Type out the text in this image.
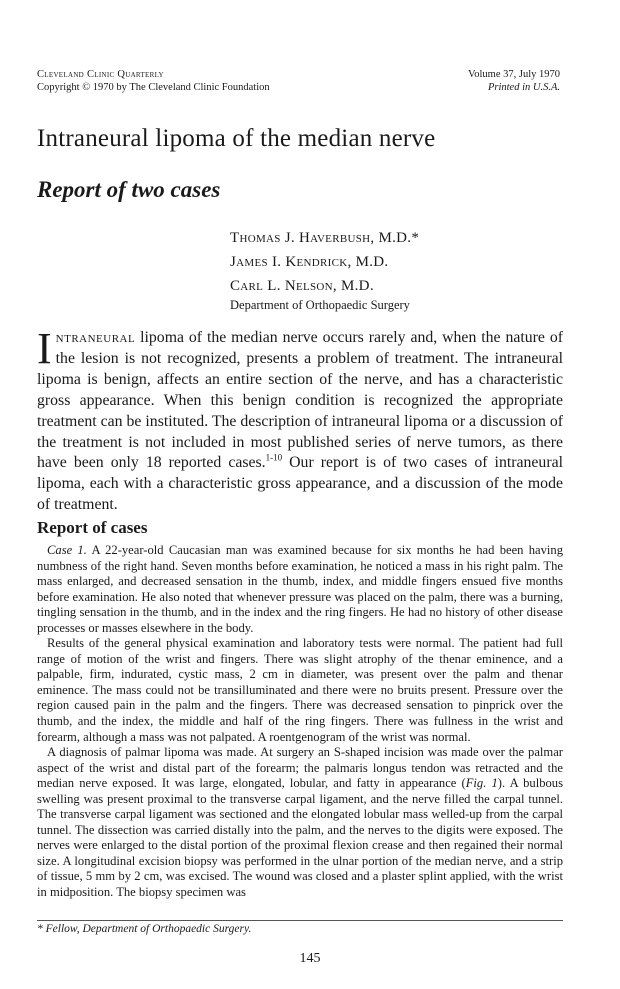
Cleveland Clinic Quarterly
Copyright © 1970 by The Cleveland Clinic Foundation
Volume 37, July 1970
Printed in U.S.A.
Intraneural lipoma of the median nerve
Report of two cases
Thomas J. Haverbush, M.D.*
James I. Kendrick, M.D.
Carl L. Nelson, M.D.
Department of Orthopaedic Surgery

Intraneural lipoma of the median nerve occurs rarely and, when the nature of the lesion is not recognized, presents a problem of treatment. The intraneural lipoma is benign, affects an entire section of the nerve, and has a characteristic gross appearance. When this benign condition is recognized the appropriate treatment can be instituted. The description of intraneural lipoma or a discussion of the treatment is not included in most published series of nerve tumors, as there have been only 18 reported cases.$^{1-10}$ Our report is of two cases of intraneural lipoma, each with a characteristic gross appearance, and a discussion of the mode of treatment.

Report of cases

Case 1. A 22-year-old Caucasian man was examined because for six months he had been having numbness of the right hand. Seven months before examination, he noticed a mass in his right palm. The mass enlarged, and decreased sensation in the thumb, index, and middle fingers ensued five months before examination. He also noted that whenever pressure was placed on the palm, there was a burning, tingling sensation in the thumb, and in the index and the ring fingers. He had no history of other disease processes or masses elsewhere in the body.

Results of the general physical examination and laboratory tests were normal. The patient had full range of motion of the wrist and fingers. There was slight atrophy of the thenar eminence, and a palpable, firm, indurated, cystic mass, 2 cm in diameter, was present over the palm and thenar eminence. The mass could not be transilluminated and there were no bruits present. Pressure over the region caused pain in the palm and the fingers. There was decreased sensation to pinprick over the thumb, and the index, the middle and half of the ring fingers. There was fullness in the wrist and forearm, although a mass was not palpated. A roentgenogram of the wrist was normal.

A diagnosis of palmar lipoma was made. At surgery an S-shaped incision was made over the palmar aspect of the wrist and distal part of the forearm; the palmaris longus tendon was retracted and the median nerve exposed. It was large, elongated, lobular, and fatty in appearance (Fig. 1). A bulbous swelling was present proximal to the transverse carpal ligament, and the nerve filled the carpal tunnel. The transverse carpal ligament was sectioned and the elongated lobular mass welled-up from the carpal tunnel. The dissection was carried distally into the palm, and the nerves to the digits were exposed. The nerves were enlarged to the distal portion of the proximal flexion crease and then regained their normal size. A longitudinal excision biopsy was performed in the ulnar portion of the median nerve, and a strip of tissue, 5 mm by 2 cm, was excised. The wound was closed and a plaster splint applied, with the wrist in midposition. The biopsy specimen was

* Fellow, Department of Orthopaedic Surgery.
145
